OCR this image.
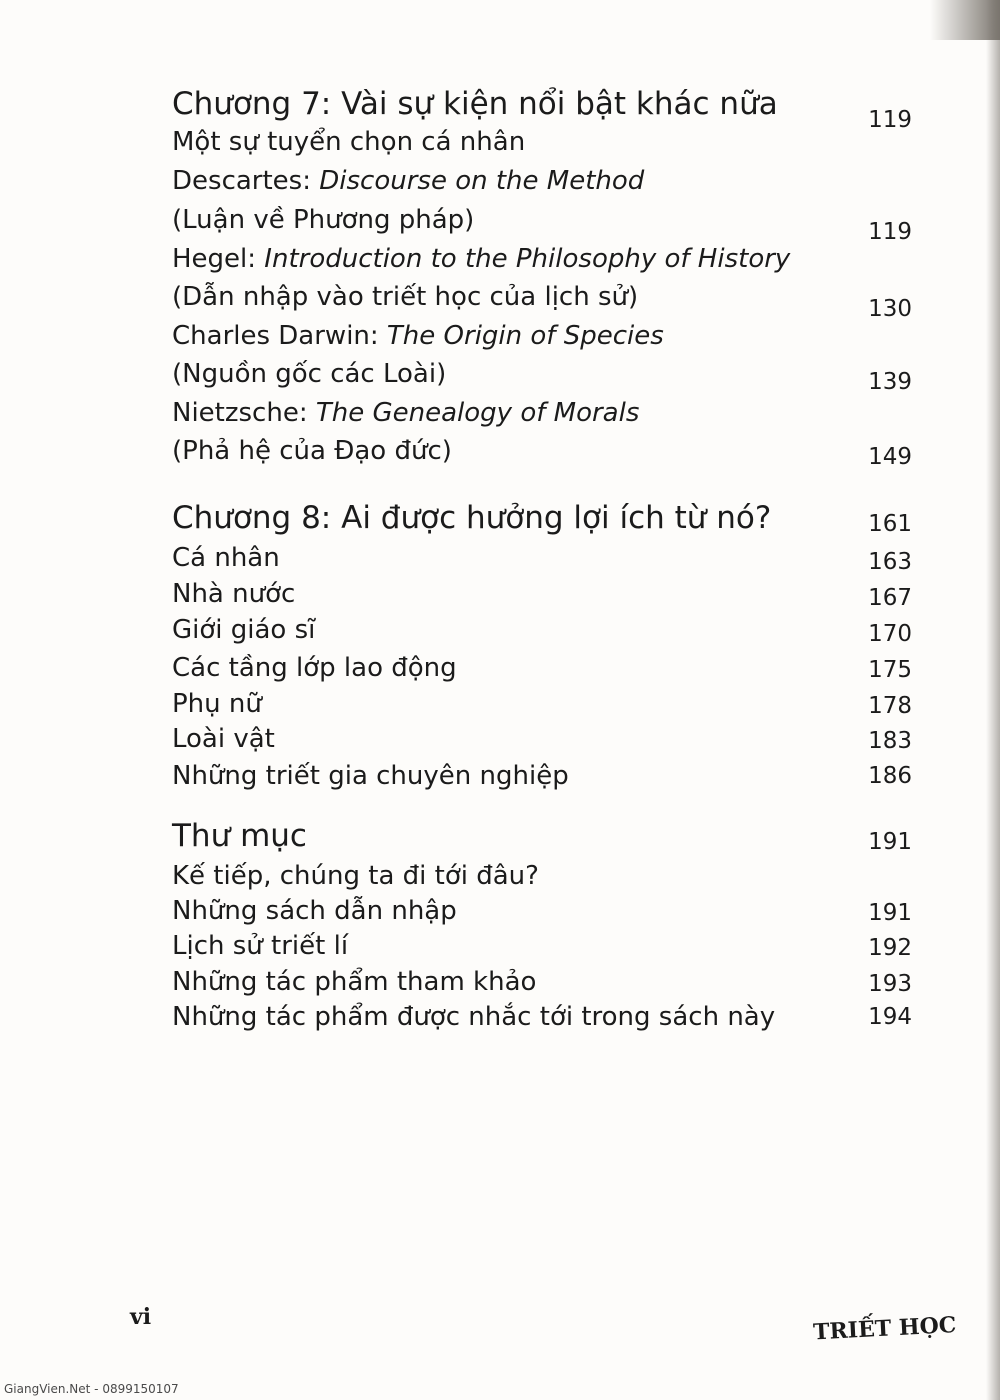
Chương 7: Vài sự kiện nổi bật khác nữa	119
Một sự tuyển chọn cá nhân
Descartes: Discourse on the Method
(Luận về Phương pháp)	119
Hegel: Introduction to the Philosophy of History
(Dẫn nhập vào triết học của lịch sử)	130
Charles Darwin: The Origin of Species
(Nguồn gốc các Loài)	139
Nietzsche: The Genealogy of Morals
(Phả hệ của Đạo đức)	149
Chương 8: Ai được hưởng lợi ích từ nó?	161
Cá nhân	163
Nhà nước	167
Giới giáo sĩ	170
Các tầng lớp lao động	175
Phụ nữ	178
Loài vật	183
Những triết gia chuyên nghiệp	186
Thư mục	191
Kế tiếp, chúng ta đi tới đâu?
Những sách dẫn nhập	191
Lịch sử triết lí	192
Những tác phẩm tham khảo	193
Những tác phẩm được nhắc tới trong sách này	194
vi	TRIẾT HỌC
GiangVien.Net - 0899150107
